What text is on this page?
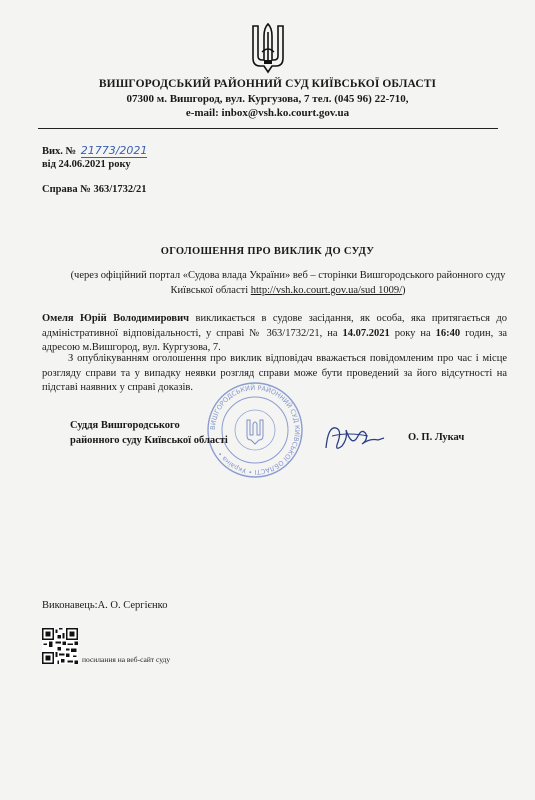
ВИШГОРОДСЬКИЙ РАЙОННИЙ СУД КИЇВСЬКОЇ ОБЛАСТІ
07300 м. Вишгород, вул. Кургузова, 7 тел. (045 96) 22-710,
e-mail: inbox@vsh.ko.court.gov.ua
Вих. № 21773/2021
від 24.06.2021 року
Справа № 363/1732/21
ОГОЛОШЕННЯ ПРО ВИКЛИК ДО СУДУ
(через офіційний портал «Судова влада України» веб – сторінки Вишгородського районного суду Київської області http://vsh.ko.court.gov.ua/sud 1009/)
Омеля Юрій Володимирович викликається в судове засідання, як особа, яка притягається до адміністративної відповідальності, у справі № 363/1732/21, на 14.07.2021 року на 16:40 годин, за адресою м.Вишгород, вул. Кургузова, 7.
З опублікуванням оголошення про виклик відповідач вважається повідомленим про час і місце розгляду справи та у випадку неявки розгляд справи може бути проведений за його відсутності на підставі наявних у справі доказів.
ВИШГОРОДСЬКИЙ РАЙОННИЙ СУД КИЇВСЬКОЇ ОБЛАСТІ • Україна •
Суддя Вишгородського
районного суду Київської області	О. П. Лукач
Виконавець:А. О. Сергієнко
посилання на веб-сайт суду
